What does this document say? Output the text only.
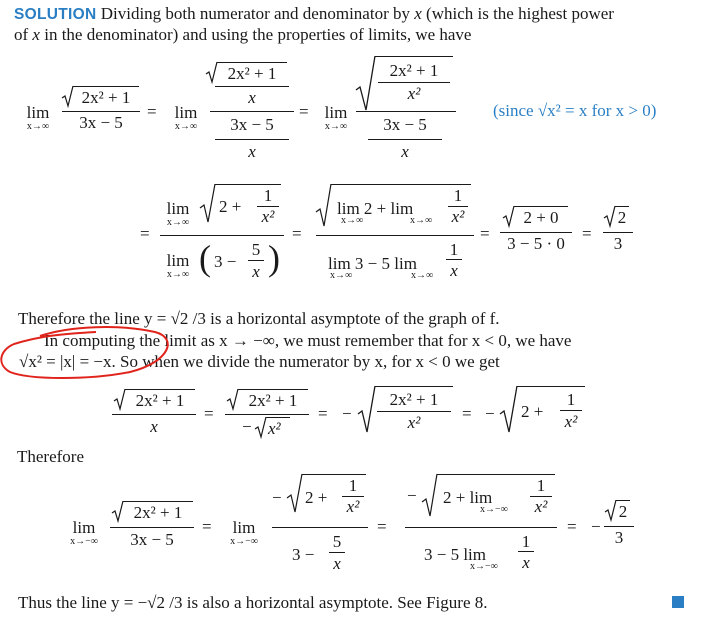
SOLUTION Dividing both numerator and denominator by x (which is the highest power
of x in the denominator) and using the properties of limits, we have
lim
x→∞
2x² + 1
3x − 5
=	lim
x→∞
2x² + 1
x
3x − 5
x
= lim
x→∞
2x² + 1
x²
3x − 5
x
(since √x² = x for x > 0)
=
lim
x→∞
2 +
1
x²
lim
x→∞ ( 3 −
5
x )
=
lim 2 + lim
x→∞	x→∞
1
x²
lim 3 − 5 lim
x→∞	x→∞
1
x
=
2 + 0
3 − 5 · 0
=
2
3
Therefore the line y = √2 /3 is a horizontal asymptote of the graph of f.
In computing the limit as x → −∞, we must remember that for x < 0, we have
√x² = |x| = −x. So when we divide the numerator by x, for x < 0 we get
2x² + 1
x
=
2x² + 1
− x²
= −
2x² + 1
x²	= − 2 +
1
x²
Therefore
lim
x→−∞
2x² + 1
3x − 5
=	lim
x→−∞
− 2 +
1
x²
3 −
5
x
=
− 2 + lim
x→−∞
1
x²
3 − 5 lim
x→−∞
1
x
= −
2
3
Thus the line y = −√2 /3 is also a horizontal asymptote. See Figure 8.
